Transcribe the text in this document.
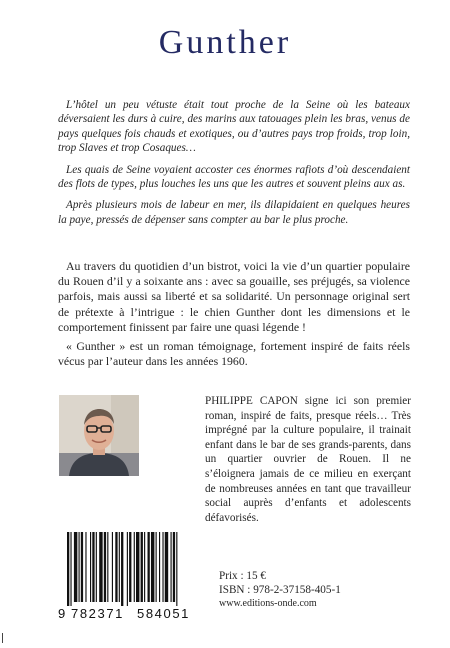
Gunther

L’hôtel un peu vétuste était tout proche de la Seine où les bateaux déversaient les durs à cuire, des marins aux tatouages plein les bras, venus de pays quelques fois chauds et exotiques, ou d’autres pays trop froids, trop loin, trop Slaves et trop Cosaques…

Les quais de Seine voyaient accoster ces énormes rafiots d’où descendaient des flots de types, plus louches les uns que les autres et souvent pleins aux as.

Après plusieurs mois de labeur en mer, ils dilapidaient en quelques heures la paye, pressés de dépenser sans compter au bar le plus proche.

Au travers du quotidien d’un bistrot, voici la vie d’un quartier populaire du Rouen d’il y a soixante ans : avec sa gouaille, ses préjugés, sa violence parfois, mais aussi sa liberté et sa solidarité. Un personnage original sert de prétexte à l’intrigue : le chien Gunther dont les dimensions et le comportement finissent par faire une quasi légende !

« Gunther » est un roman témoignage, fortement inspiré de faits réels vécus par l’auteur dans les années 1960.

PHILIPPE CAPON signe ici son premier roman, inspiré de faits, presque réels… Très imprégné par la culture populaire, il trainait enfant dans le bar de ses grands-parents, dans un quartier ouvrier de Rouen. Il ne s’éloignera jamais de ce milieu en exerçant de nombreuses années en tant que travailleur social auprès d’enfants et adolescents défavorisés.

9 782371 584051
Prix : 15 €
ISBN : 978-2-37158-405-1
www.editions-onde.com
